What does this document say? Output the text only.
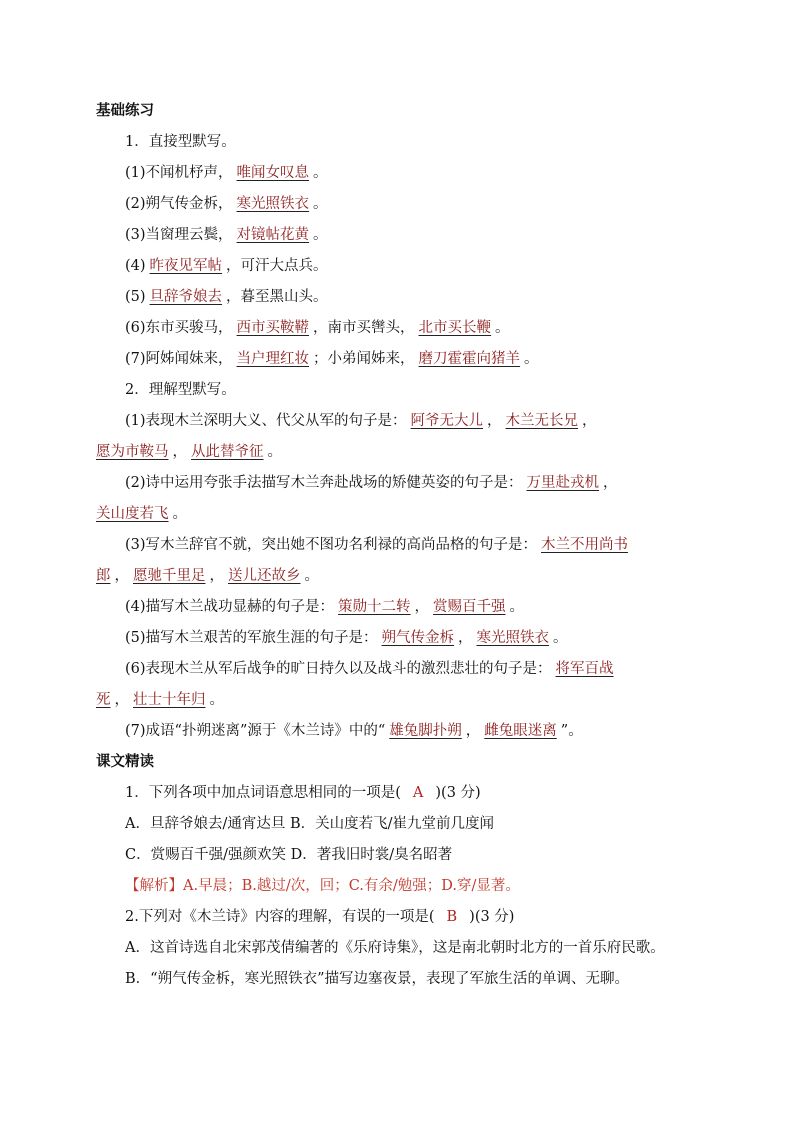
基础练习
1．直接型默写。
(1)不闻机杼声， 唯闻女叹息 。
(2)朔气传金柝， 寒光照铁衣 。
(3)当窗理云鬓， 对镜帖花黄 。
(4) 昨夜见军帖 ，可汗大点兵。
(5) 旦辞爷娘去 ，暮至黑山头。
(6)东市买骏马， 西市买鞍鞯 ，南市买辔头， 北市买长鞭 。
(7)阿姊闻妹来， 当户理红妆 ；小弟闻姊来， 磨刀霍霍向猪羊 。
2．理解型默写。
(1)表现木兰深明大义、代父从军的句子是： 阿爷无大儿 ， 木兰无长兄 ，
愿为市鞍马 ， 从此替爷征 。
(2)诗中运用夸张手法描写木兰奔赴战场的矫健英姿的句子是： 万里赴戎机 ，
关山度若飞 。
(3)写木兰辞官不就，突出她不图功名利禄的高尚品格的句子是： 木兰不用尚书
郎 ， 愿驰千里足 ， 送儿还故乡 。
(4)描写木兰战功显赫的句子是： 策勋十二转 ， 赏赐百千强 。
(5)描写木兰艰苦的军旅生涯的句子是： 朔气传金柝 ， 寒光照铁衣 。
(6)表现木兰从军后战争的旷日持久以及战斗的激烈悲壮的句子是： 将军百战
死 ， 壮士十年归 。
(7)成语“扑朔迷离”源于《木兰诗》中的“ 雄兔脚扑朔 ， 雌兔眼迷离 ”。
课文精读
1．下列各项中加点词语意思相同的一项是( A )(3 分)
A．旦辞爷娘去/通宵达旦 B．关山度若飞/崔九堂前几度闻
C．赏赐百千强/强颜欢笑 D．著我旧时裳/臭名昭著
【解析】A.早晨；B.越过/次，回；C.有余/勉强；D.穿/显著。
2.下列对《木兰诗》内容的理解，有误的一项是( B )(3 分)
A．这首诗选自北宋郭茂倩编著的《乐府诗集》，这是南北朝时北方的一首乐府民歌。
B．“朔气传金柝，寒光照铁衣”描写边塞夜景，表现了军旅生活的单调、无聊。
